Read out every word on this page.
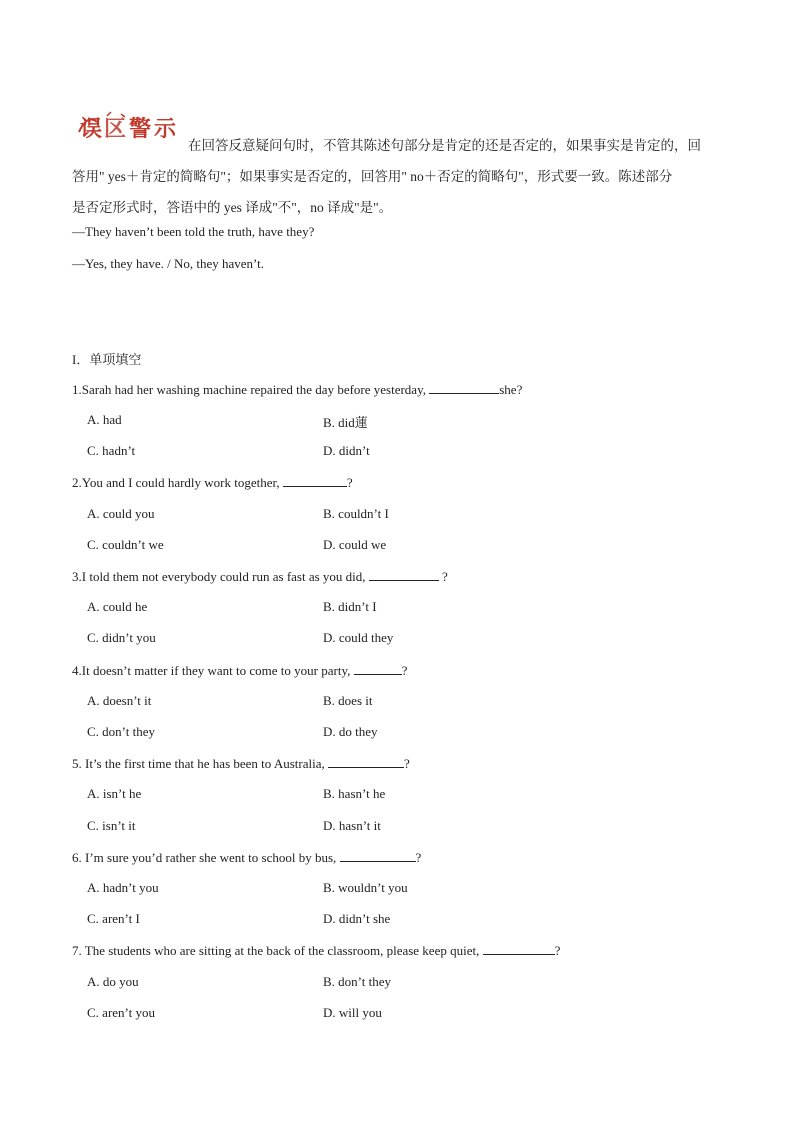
误 区 警 示
在回答反意疑问句时，不管其陈述句部分是肯定的还是否定的，如果事实是肯定的，回
答用" yes＋肯定的简略句"；如果事实是否定的，回答用" no＋否定的简略句"，形式要一致。陈述部分
是否定形式时，答语中的 yes 译成"不"，no 译成"是"。
—They haven’t been told the truth, have they?
—Yes, they have. / No, they haven’t.
I．单项填空
1.Sarah had her washing machine repaired the day before yesterday,	she?
A. had	B. did蓮
C. hadn’t	D. didn’t
2.You and I could hardly work together,	?
A. could you	B. couldn’t I
C. couldn’t we	D. could we
3.I told them not everybody could run as fast as you did,	?
A. could he	B. didn’t I
C. didn’t you	D. could they
4.It doesn’t matter if they want to come to your party,	?
A. doesn’t it	B. does it
C. don’t they	D. do they
5. It’s the first time that he has been to Australia,	?
A. isn’t he	B. hasn’t he
C. isn’t it	D. hasn’t it
6. I’m sure you’d rather she went to school by bus,	?
A. hadn’t you	B. wouldn’t you
C. aren’t I	D. didn’t she
7. The students who are sitting at the back of the classroom, please keep quiet,	?
A. do you	B. don’t they
C. aren’t you	D. will you
